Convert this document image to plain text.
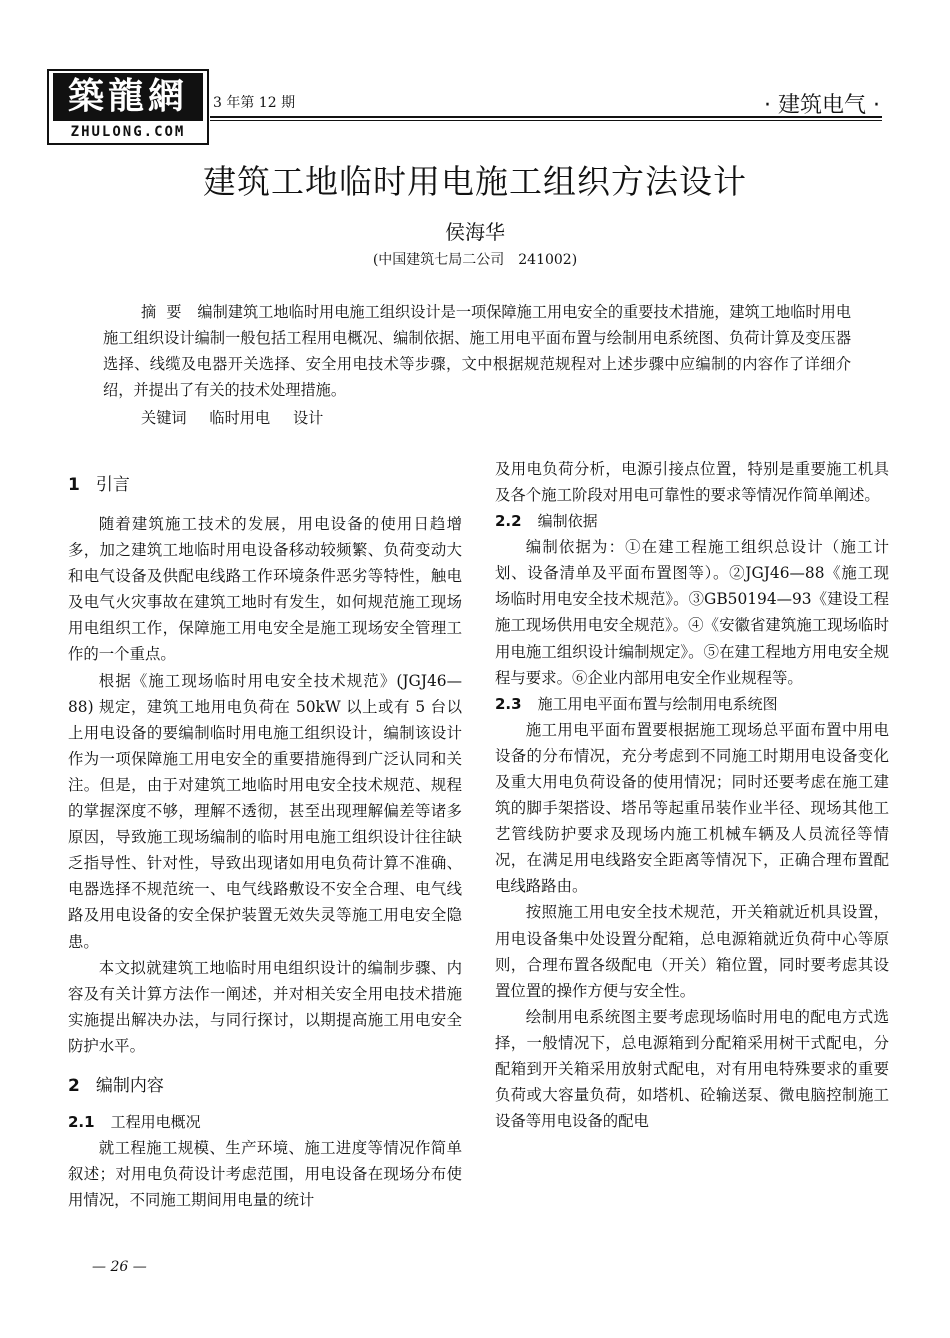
築龍網
ZHULONG.COM
3 年第 12 期	· 建筑电气 ·
建筑工地临时用电施工组织方法设计
侯海华
(中国建筑七局二公司　241002)
摘要 编制建筑工地临时用电施工组织设计是一项保障施工用电安全的重要技术措施，建筑工地临时用电施工组织设计编制一般包括工程用电概况、编制依据、施工用电平面布置与绘制用电系统图、负荷计算及变压器选择、线缆及电器开关选择、安全用电技术等步骤，文中根据规范规程对上述步骤中应编制的内容作了详细介绍，并提出了有关的技术处理措施。
关键词 临时用电 设计
1 引言

随着建筑施工技术的发展，用电设备的使用日趋增多，加之建筑工地临时用电设备移动较频繁、负荷变动大和电气设备及供配电线路工作环境条件恶劣等特性，触电及电气火灾事故在建筑工地时有发生，如何规范施工现场用电组织工作，保障施工用电安全是施工现场安全管理工作的一个重点。

根据《施工现场临时用电安全技术规范》(JGJ46—88) 规定，建筑工地用电负荷在 50kW 以上或有 5 台以上用电设备的要编制临时用电施工组织设计，编制该设计作为一项保障施工用电安全的重要措施得到广泛认同和关注。但是，由于对建筑工地临时用电安全技术规范、规程的掌握深度不够，理解不透彻，甚至出现理解偏差等诸多原因，导致施工现场编制的临时用电施工组织设计往往缺乏指导性、针对性，导致出现诸如用电负荷计算不准确、电器选择不规范统一、电气线路敷设不安全合理、电气线路及用电设备的安全保护装置无效失灵等施工用电安全隐患。

本文拟就建筑工地临时用电组织设计的编制步骤、内容及有关计算方法作一阐述，并对相关安全用电技术措施实施提出解决办法，与同行探讨，以期提高施工用电安全防护水平。

2 编制内容
2.1 工程用电概况

就工程施工规模、生产环境、施工进度等情况作简单叙述；对用电负荷设计考虑范围，用电设备在现场分布使用情况，不同施工期间用电量的统计

及用电负荷分析，电源引接点位置，特别是重要施工机具及各个施工阶段对用电可靠性的要求等情况作简单阐述。

2.2 编制依据

编制依据为：①在建工程施工组织总设计（施工计划、设备清单及平面布置图等）。②JGJ46—88《施工现场临时用电安全技术规范》。③GB50194—93《建设工程施工现场供用电安全规范》。④《安徽省建筑施工现场临时用电施工组织设计编制规定》。⑤在建工程地方用电安全规程与要求。⑥企业内部用电安全作业规程等。

2.3 施工用电平面布置与绘制用电系统图

施工用电平面布置要根据施工现场总平面布置中用电设备的分布情况，充分考虑到不同施工时期用电设备变化及重大用电负荷设备的使用情况；同时还要考虑在施工建筑的脚手架搭设、塔吊等起重吊装作业半径、现场其他工艺管线防护要求及现场内施工机械车辆及人员流径等情况，在满足用电线路安全距离等情况下，正确合理布置配电线路路由。

按照施工用电安全技术规范，开关箱就近机具设置，用电设备集中处设置分配箱，总电源箱就近负荷中心等原则，合理布置各级配电（开关）箱位置，同时要考虑其设置位置的操作方便与安全性。

绘制用电系统图主要考虑现场临时用电的配电方式选择，一般情况下，总电源箱到分配箱采用树干式配电，分配箱到开关箱采用放射式配电，对有用电特殊要求的重要负荷或大容量负荷，如塔机、砼输送泵、微电脑控制施工设备等用电设备的配电

— 26 —
